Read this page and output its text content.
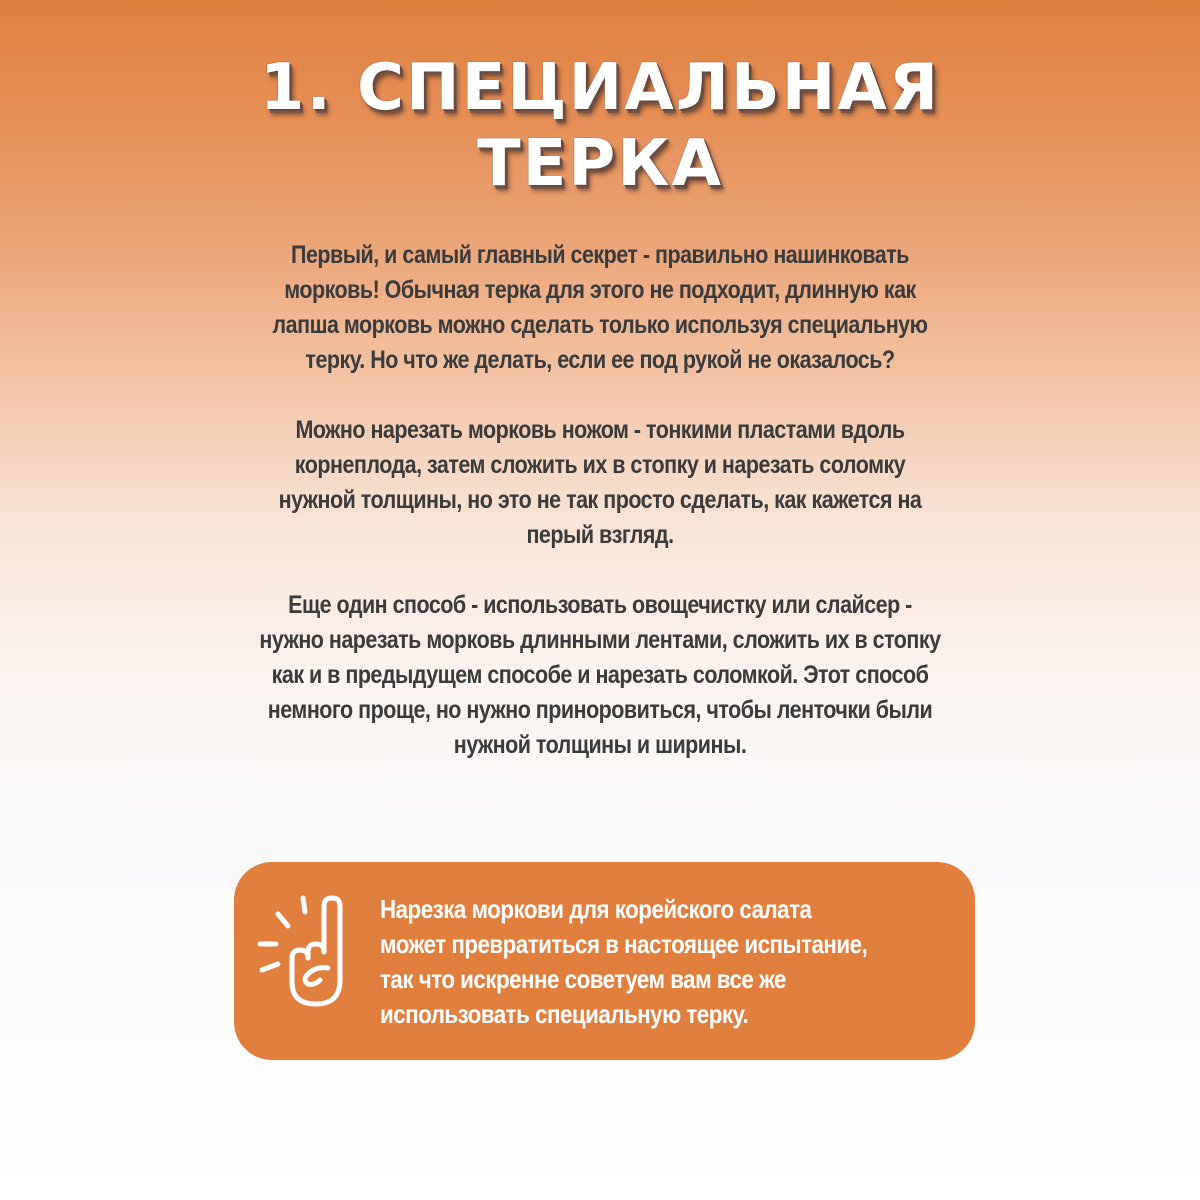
1. СПЕЦИАЛЬНАЯ
ТЕРКА

Первый, и самый главный секрет - правильно нашинковать морковь! Обычная терка для этого не подходит, длинную как лапша морковь можно сделать только используя специальную терку. Но что же делать, если ее под рукой не оказалось?

Можно нарезать морковь ножом - тонкими пластами вдоль корнеплода, затем сложить их в стопку и нарезать соломку нужной толщины, но это не так просто сделать, как кажется на перый взгляд.

Еще один способ - использовать овощечистку или слайсер - нужно нарезать морковь длинными лентами, сложить их в стопку как и в предыдущем способе и нарезать соломкой. Этот способ немного проще, но нужно приноровиться, чтобы ленточки были нужной толщины и ширины.

Нарезка моркови для корейского салата
может превратиться в настоящее испытание,
так что искренне советуем вам все же
использовать специальную терку.
